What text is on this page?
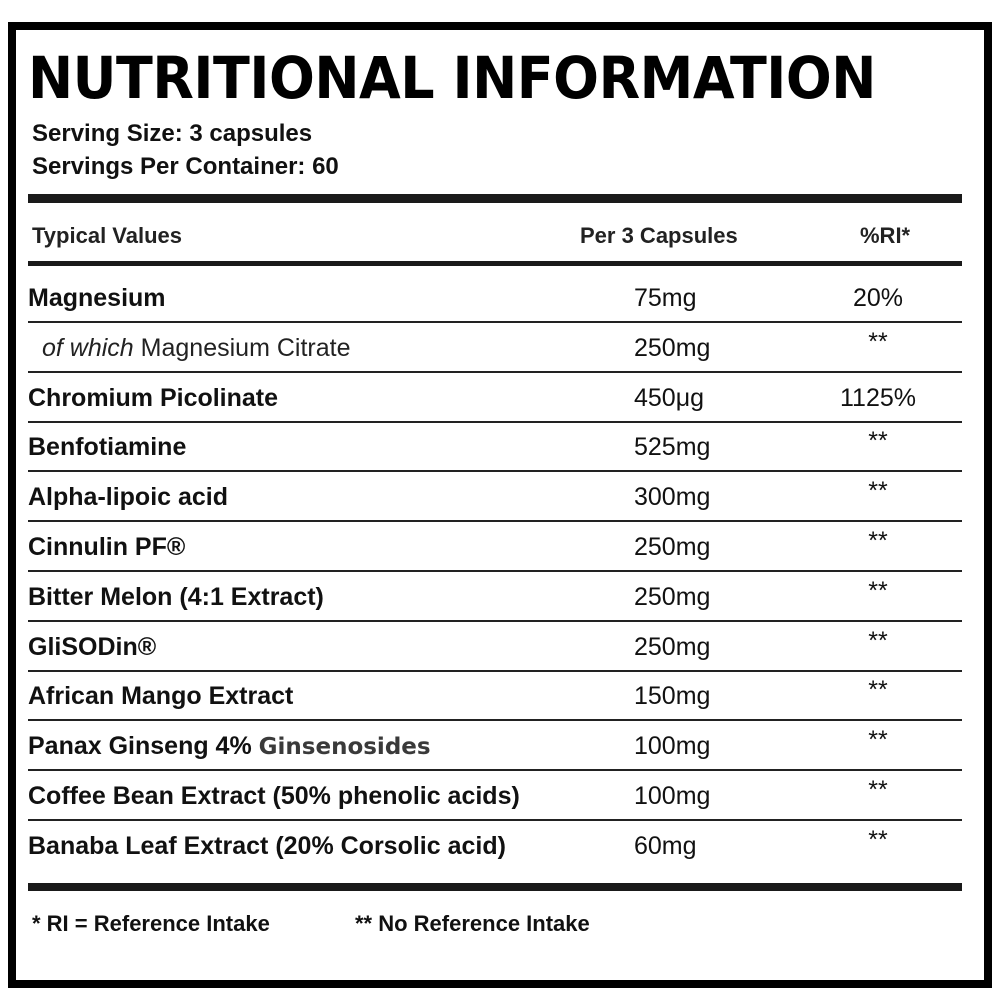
NUTRITIONAL INFORMATION
Serving Size: 3 capsules
Servings Per Container: 60
Typical Values	Per 3 Capsules	%RI*
Magnesium	75mg	20%
of which Magnesium Citrate	250mg	**
Chromium Picolinate	450μg	1125%
Benfotiamine	525mg	**
Alpha-lipoic acid	300mg	**
Cinnulin PF®	250mg	**
Bitter Melon (4:1 Extract)	250mg	**
GliSODin®	250mg	**
African Mango Extract	150mg	**
Panax Ginseng 4% Ginsenosides	100mg	**
Coffee Bean Extract (50% phenolic acids)	100mg	**
Banaba Leaf Extract (20% Corsolic acid)	60mg	**
* RI = Reference Intake	** No Reference Intake
